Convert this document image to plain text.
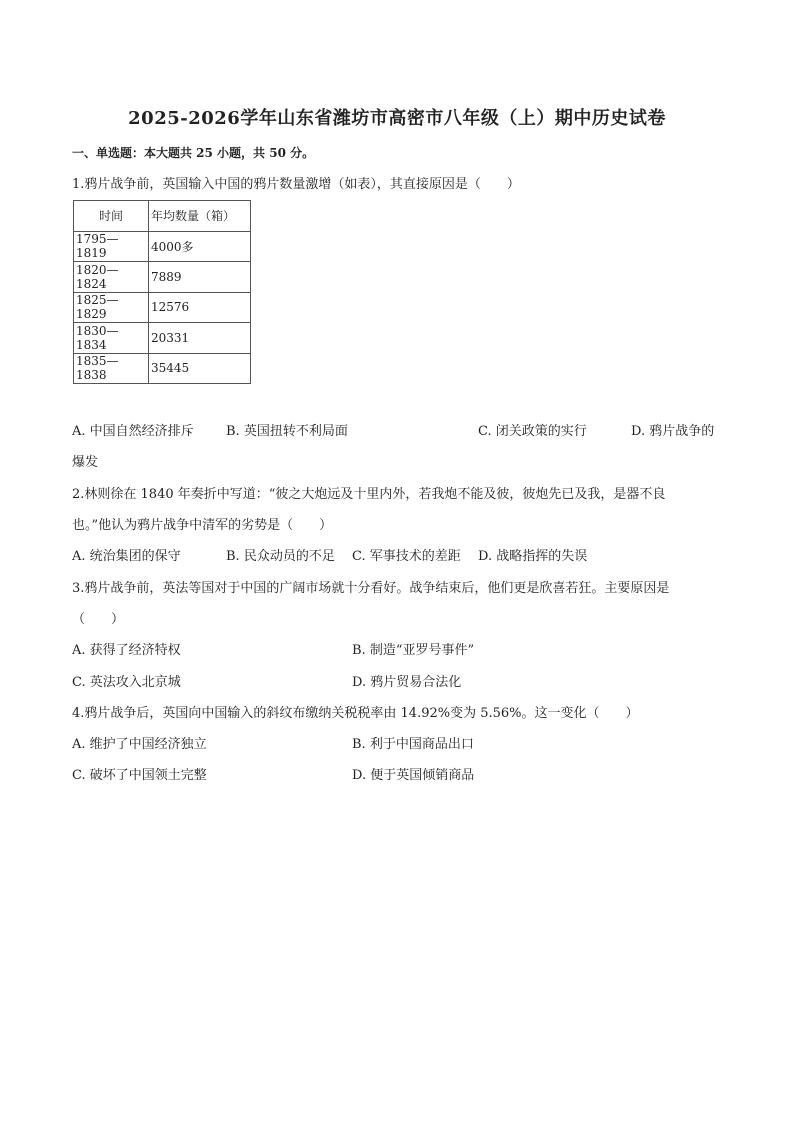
2025-2026学年山东省潍坊市高密市八年级（上）期中历史试卷
一、单选题：本大题共 25 小题，共 50 分。
1.鸦片战争前，英国输入中国的鸦片数量激增（如表），其直接原因是（　　）
时间	年均数量（箱）
1795—1819	4000多
1820—1824	7889
1825—1829	12576
1830—1834	20331
1835—1838	35445
A. 中国自然经济排斥 B. 英国扭转不利局面	C. 闭关政策的实行	D. 鸦片战争的
爆发
2.林则徐在 1840 年奏折中写道：“彼之大炮远及十里内外，若我炮不能及彼，彼炮先已及我，是器不良
也。”他认为鸦片战争中清军的劣势是（　　）
A. 统治集团的保守	B. 民众动员的不足 C. 军事技术的差距 D. 战略指挥的失误
3.鸦片战争前，英法等国对于中国的广阔市场就十分看好。战争结束后，他们更是欣喜若狂。主要原因是
（　　）
A. 获得了经济特权	B. 制造“亚罗号事件”
C. 英法攻入北京城	D. 鸦片贸易合法化
4.鸦片战争后，英国向中国输入的斜纹布缴纳关税税率由 14.92%变为 5.56%。这一变化（　　）
A. 维护了中国经济独立	B. 利于中国商品出口
C. 破坏了中国领土完整	D. 便于英国倾销商品
